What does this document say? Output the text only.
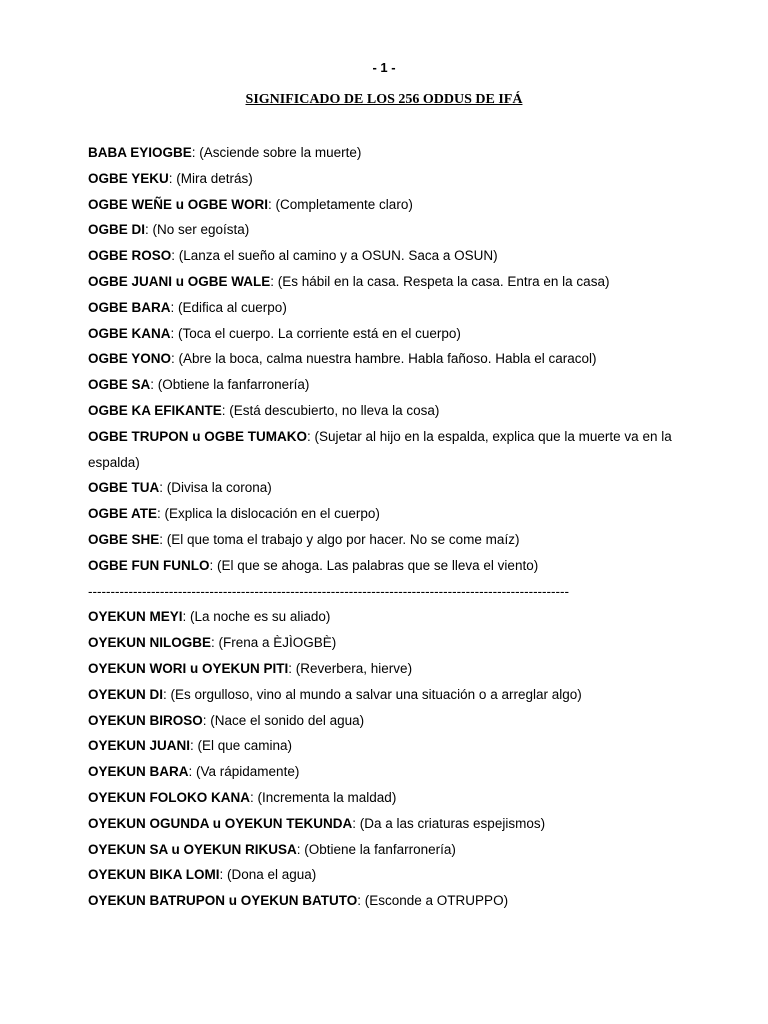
- 1 -
SIGNIFICADO DE LOS 256 ODDUS DE IFÁ
BABA EYIOGBE: (Asciende sobre la muerte)
OGBE YEKU: (Mira detrás)
OGBE WEÑE u OGBE WORI: (Completamente claro)
OGBE DI: (No ser egoísta)
OGBE ROSO: (Lanza el sueño al camino y a OSUN. Saca a OSUN)
OGBE JUANI u OGBE WALE: (Es hábil en la casa. Respeta la casa. Entra en la casa)
OGBE BARA: (Edifica al cuerpo)
OGBE KANA: (Toca el cuerpo. La corriente está en el cuerpo)
OGBE YONO: (Abre la boca, calma nuestra hambre. Habla fañoso. Habla el caracol)
OGBE SA: (Obtiene la fanfarronería)
OGBE KA EFIKANTE: (Está descubierto, no lleva la cosa)
OGBE TRUPON u OGBE TUMAKO: (Sujetar al hijo en la espalda, explica que la muerte va en la espalda)
OGBE TUA: (Divisa la corona)
OGBE ATE: (Explica la dislocación en el cuerpo)
OGBE SHE: (El que toma el trabajo y algo por hacer. No se come maíz)
OGBE FUN FUNLO: (El que se ahoga. Las palabras que se lleva el viento)
-----------------------------------------------------------------------------------------------------------
OYEKUN MEYI: (La noche es su aliado)
OYEKUN NILOGBE: (Frena a ÈJÌOGBÈ)
OYEKUN WORI u OYEKUN PITI: (Reverbera, hierve)
OYEKUN DI: (Es orgulloso, vino al mundo a salvar una situación o a arreglar algo)
OYEKUN BIROSO: (Nace el sonido del agua)
OYEKUN JUANI: (El que camina)
OYEKUN BARA: (Va rápidamente)
OYEKUN FOLOKO KANA: (Incrementa la maldad)
OYEKUN OGUNDA u OYEKUN TEKUNDA: (Da a las criaturas espejismos)
OYEKUN SA u OYEKUN RIKUSA: (Obtiene la fanfarronería)
OYEKUN BIKA LOMI: (Dona el agua)
OYEKUN BATRUPON u OYEKUN BATUTO: (Esconde a OTRUPPO)
